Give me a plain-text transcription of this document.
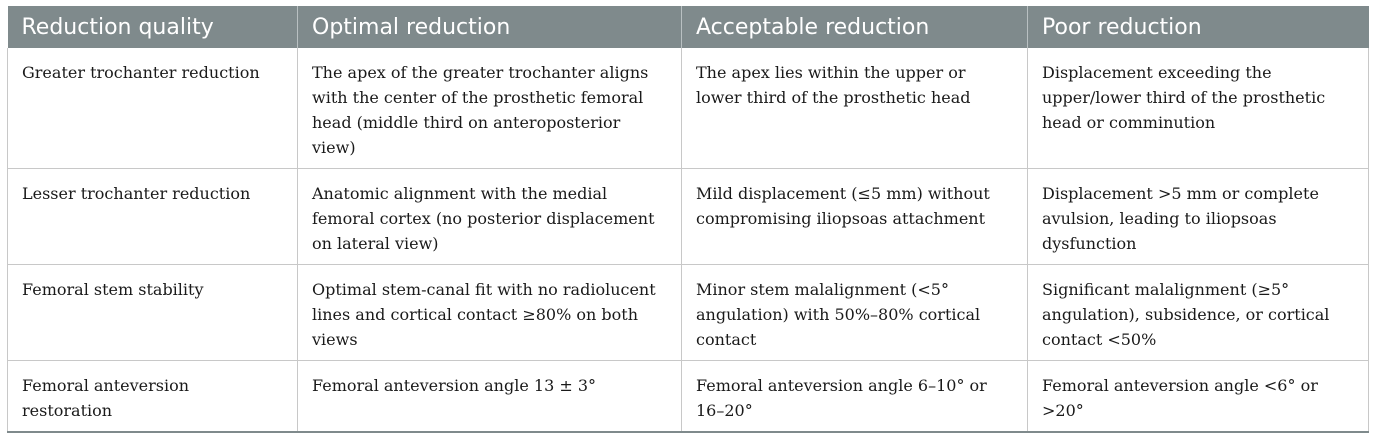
Reduction quality	Optimal reduction	Acceptable reduction	Poor reduction
Greater trochanter reduction	The apex of the greater trochanter aligns with the center of the prosthetic femoral head (middle third on anteroposterior view)	The apex lies within the upper or lower third of the prosthetic head	Displacement exceeding the upper/lower third of the prosthetic head or comminution
Lesser trochanter reduction	Anatomic alignment with the medial femoral cortex (no posterior displacement on lateral view)	Mild displacement (≤5 mm) without compromising iliopsoas attachment	Displacement >5 mm or complete avulsion, leading to iliopsoas dysfunction
Femoral stem stability	Optimal stem-canal fit with no radiolucent lines and cortical contact ≥80% on both views	Minor stem malalignment (<5° angulation) with 50%–80% cortical contact	Significant malalignment (≥5° angulation), subsidence, or cortical contact <50%
Femoral anteversion restoration	Femoral anteversion angle 13 ± 3°	Femoral anteversion angle 6–10° or 16–20°	Femoral anteversion angle <6° or >20°
